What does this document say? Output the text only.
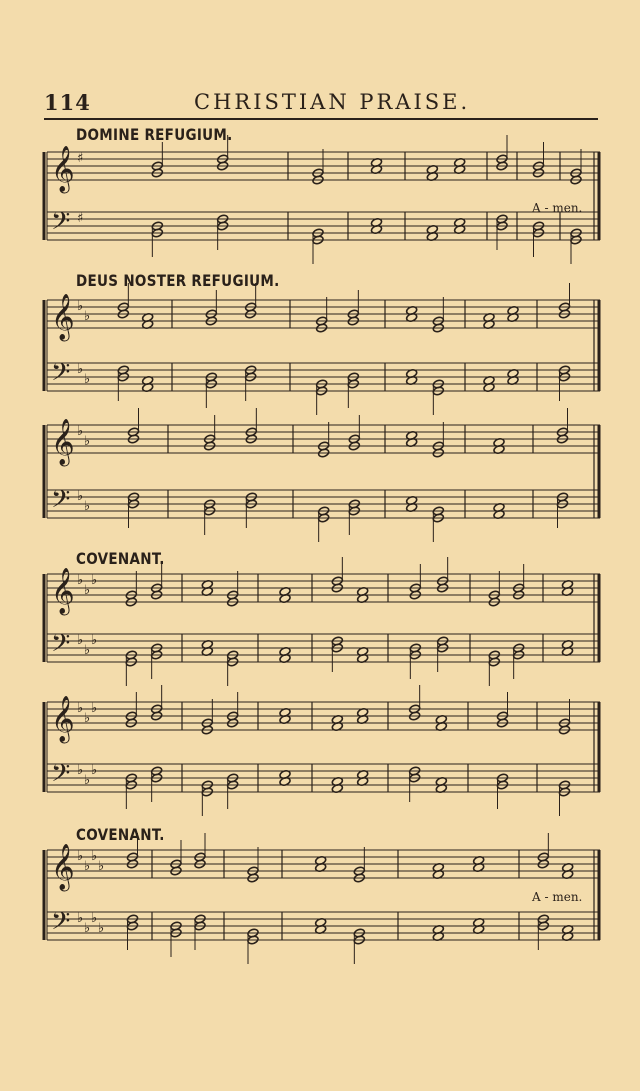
114	CHRISTIAN PRAISE.
DOMINE REFUGIUM.
DEUS NOSTER REFUGIUM.
COVENANT.
COVENANT.
𝄞 ♯
𝄢 ♯
𝄞 ♭
♭
𝄢 ♭
♭
𝄞 ♭
♭
𝄢 ♭
♭
𝄞 ♭
♭
♭
𝄢 ♭
♭
♭
𝄞 ♭
♭
♭
𝄢 ♭
♭
♭
𝄞 ♭
♭
♭
♭
𝄢 ♭
♭
♭
♭
A - men.
A - men.
